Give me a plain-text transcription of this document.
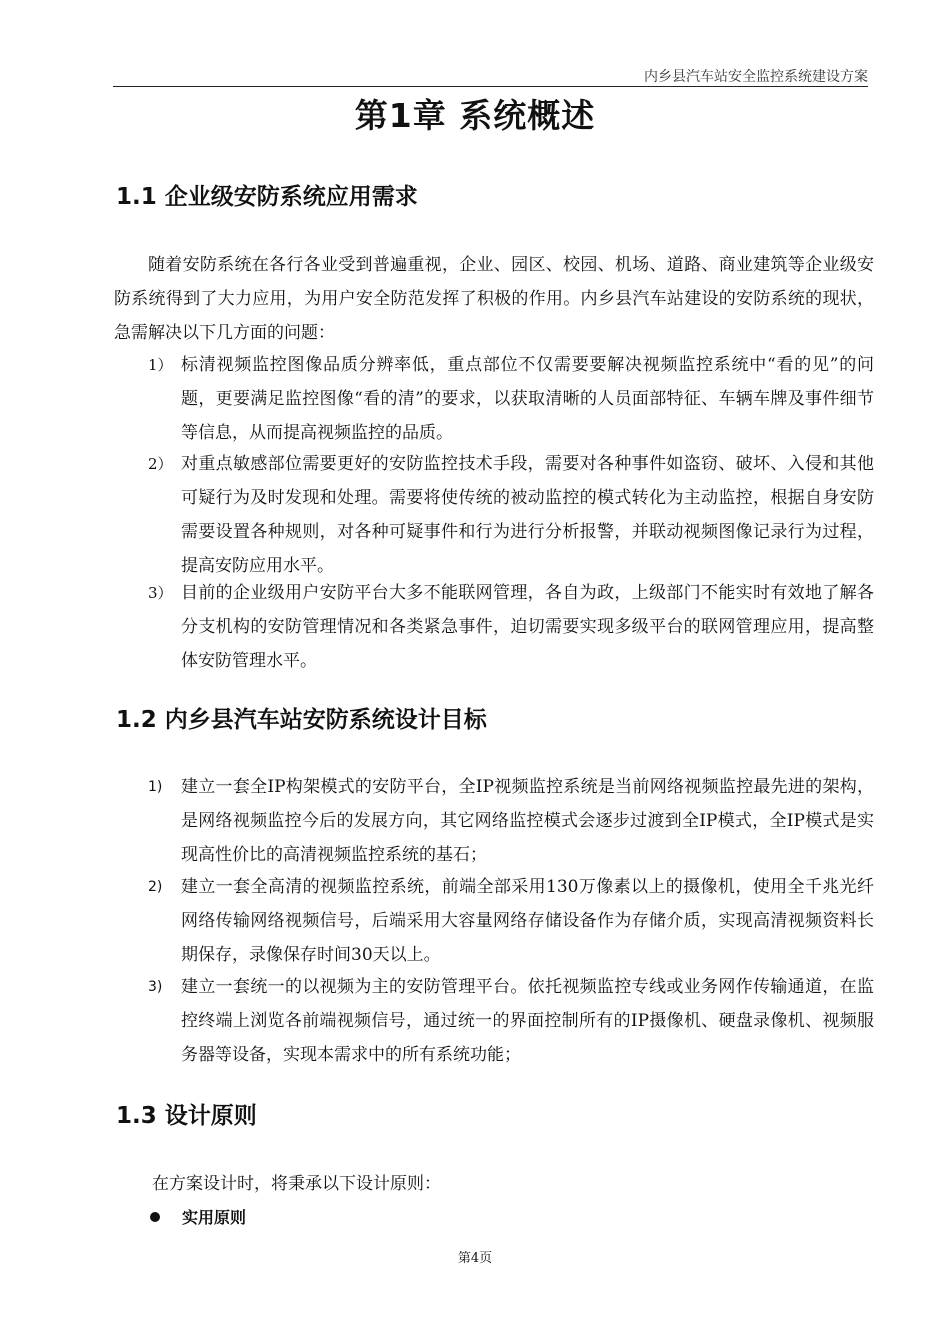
内乡县汽车站安全监控系统建设方案
第1章 系统概述
1.1 企业级安防系统应用需求

随着安防系统在各行各业受到普遍重视，企业、园区、校园、机场、道路、商业建筑等企业级安防系统得到了大力应用，为用户安全防范发挥了积极的作用。内乡县汽车站建设的安防系统的现状，急需解决以下几方面的问题：

1） 标清视频监控图像品质分辨率低，重点部位不仅需要要解决视频监控系统中“看的见”的问题，更要满足监控图像“看的清”的要求，以获取清晰的人员面部特征、车辆车牌及事件细节等信息，从而提高视频监控的品质。
2） 对重点敏感部位需要更好的安防监控技术手段，需要对各种事件如盗窃、破坏、入侵和其他可疑行为及时发现和处理。需要将使传统的被动监控的模式转化为主动监控，根据自身安防需要设置各种规则，对各种可疑事件和行为进行分析报警，并联动视频图像记录行为过程，提高安防应用水平。
3） 目前的企业级用户安防平台大多不能联网管理，各自为政，上级部门不能实时有效地了解各分支机构的安防管理情况和各类紧急事件，迫切需要实现多级平台的联网管理应用，提高整体安防管理水平。
1.2 内乡县汽车站安防系统设计目标
1) 建立一套全IP构架模式的安防平台，全IP视频监控系统是当前网络视频监控最先进的架构，是网络视频监控今后的发展方向，其它网络监控模式会逐步过渡到全IP模式，全IP模式是实现高性价比的高清视频监控系统的基石；
2) 建立一套全高清的视频监控系统，前端全部采用130万像素以上的摄像机，使用全千兆光纤网络传输网络视频信号，后端采用大容量网络存储设备作为存储介质，实现高清视频资料长期保存，录像保存时间30天以上。
3) 建立一套统一的以视频为主的安防管理平台。依托视频监控专线或业务网作传输通道，在监控终端上浏览各前端视频信号，通过统一的界面控制所有的IP摄像机、硬盘录像机、视频服务器等设备，实现本需求中的所有系统功能；
1.3 设计原则

在方案设计时，将秉承以下设计原则：

实用原则
第4页
